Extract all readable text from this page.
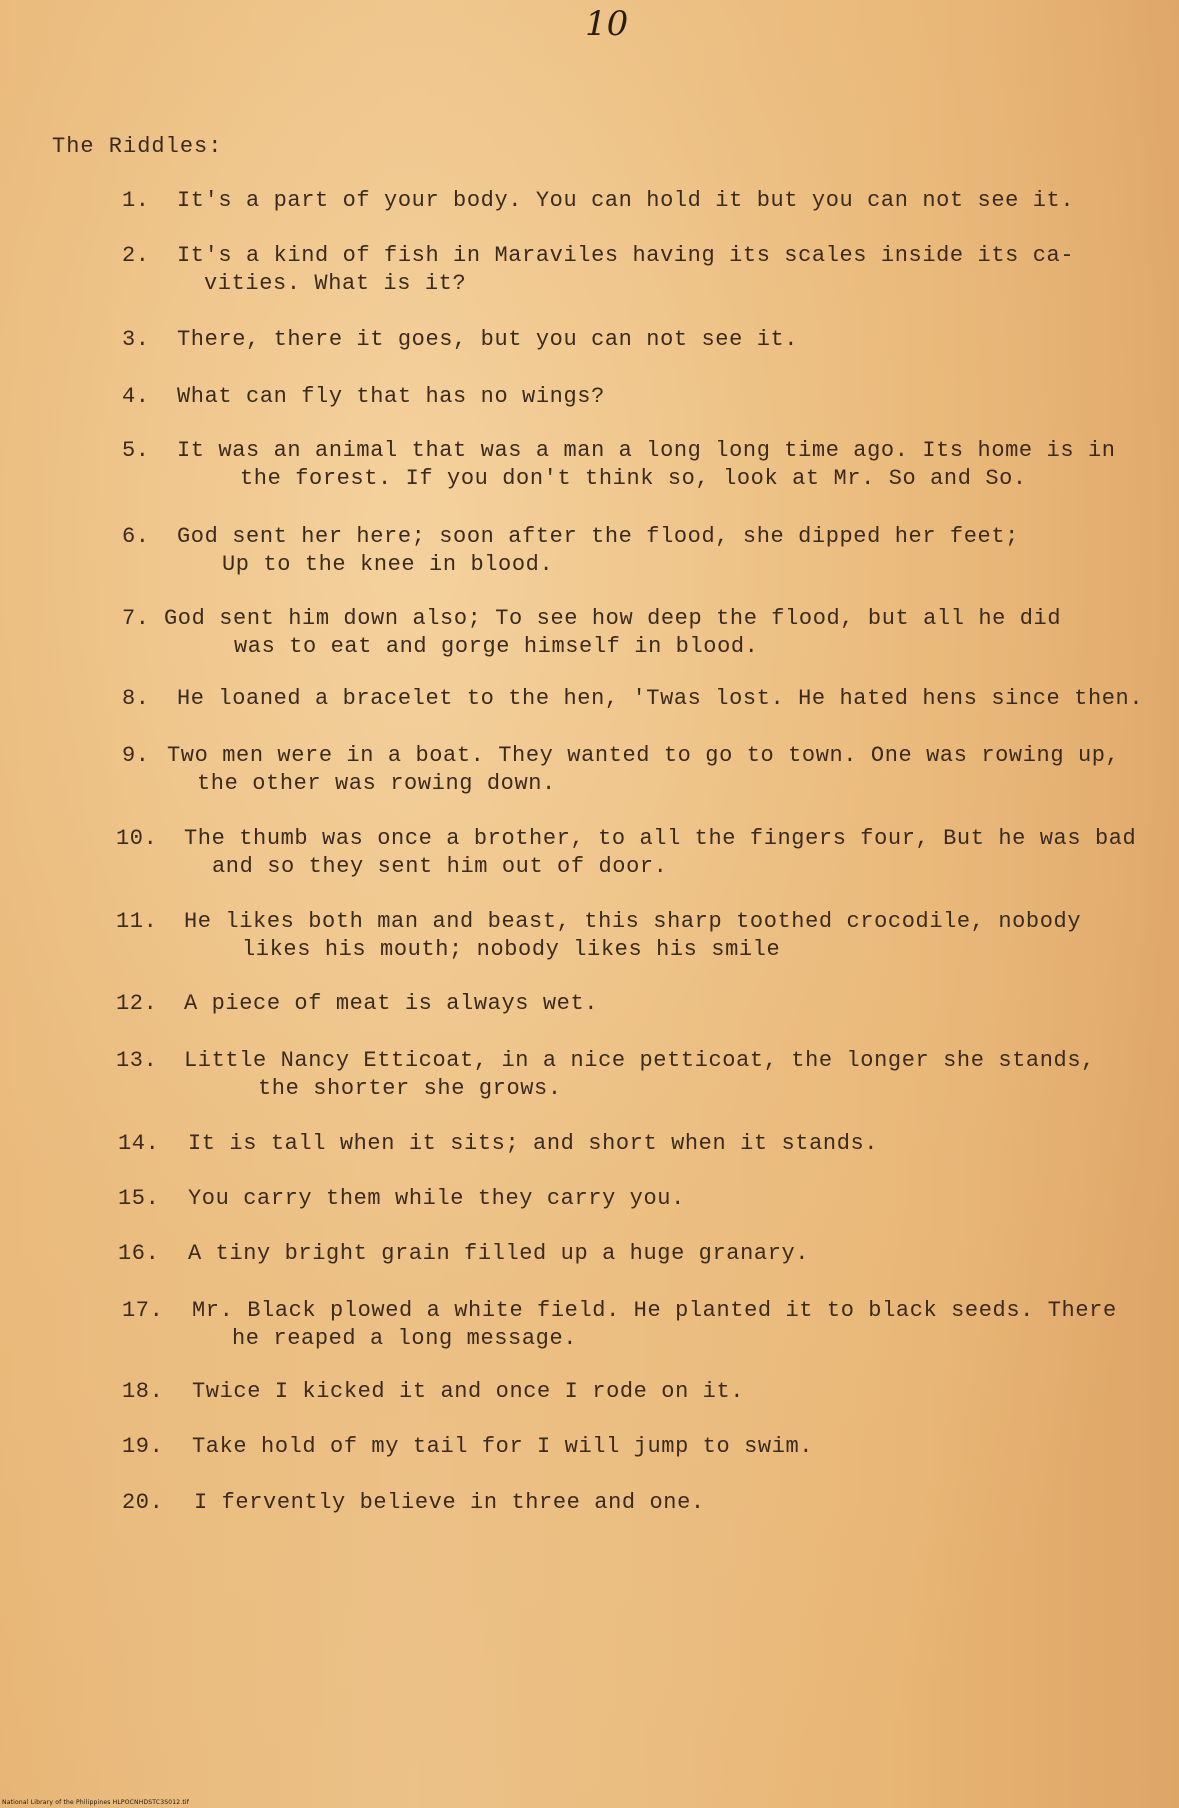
10
The Riddles:
1. It's a part of your body. You can hold it but you can not see it.
2. It's a kind of fish in Maraviles having its scales inside its ca-
vities. What is it?
3. There, there it goes, but you can not see it.
4. What can fly that has no wings?
5. It was an animal that was a man a long long time ago. Its home is in
the forest. If you don't think so, look at Mr. So and So.
6. God sent her here; soon after the flood, she dipped her feet;
Up to the knee in blood.
7. God sent him down also; To see how deep the flood, but all he did
was to eat and gorge himself in blood.
8. He loaned a bracelet to the hen, 'Twas lost. He hated hens since then.
9. Two men were in a boat. They wanted to go to town. One was rowing up,
the other was rowing down.
10. The thumb was once a brother, to all the fingers four, But he was bad
and so they sent him out of door.
11. He likes both man and beast, this sharp toothed crocodile, nobody
likes his mouth; nobody likes his smile
12. A piece of meat is always wet.
13. Little Nancy Etticoat, in a nice petticoat, the longer she stands,
the shorter she grows.
14. It is tall when it sits; and short when it stands.
15. You carry them while they carry you.
16. A tiny bright grain filled up a huge granary.
17. Mr. Black plowed a white field. He planted it to black seeds. There
he reaped a long message.
18. Twice I kicked it and once I rode on it.
19. Take hold of my tail for I will jump to swim.
20. I fervently believe in three and one.
National Library of the Philippines HLPOCNHDSTC3S012.tif
